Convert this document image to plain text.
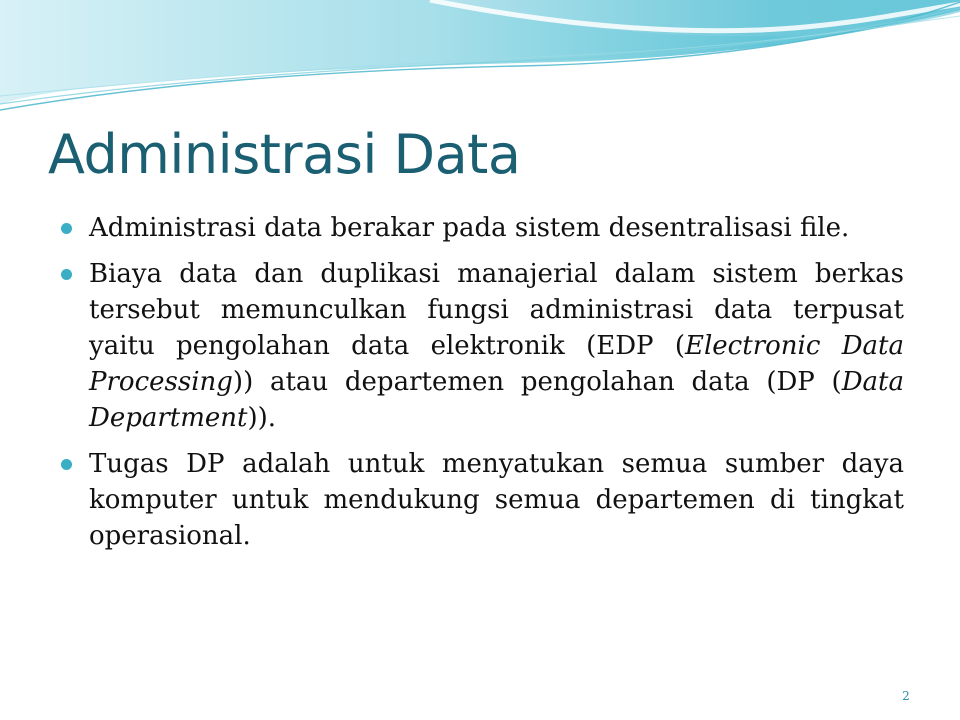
Administrasi Data
Administrasi data berakar pada sistem desentralisasi file.
Biaya data dan duplikasi manajerial dalam sistem berkas tersebut memunculkan fungsi administrasi data terpusat yaitu pengolahan data elektronik (EDP (Electronic Data Processing)) atau departemen pengolahan data (DP (Data Department)).
Tugas DP adalah untuk menyatukan semua sumber daya komputer untuk mendukung semua departemen di tingkat operasional.
2
